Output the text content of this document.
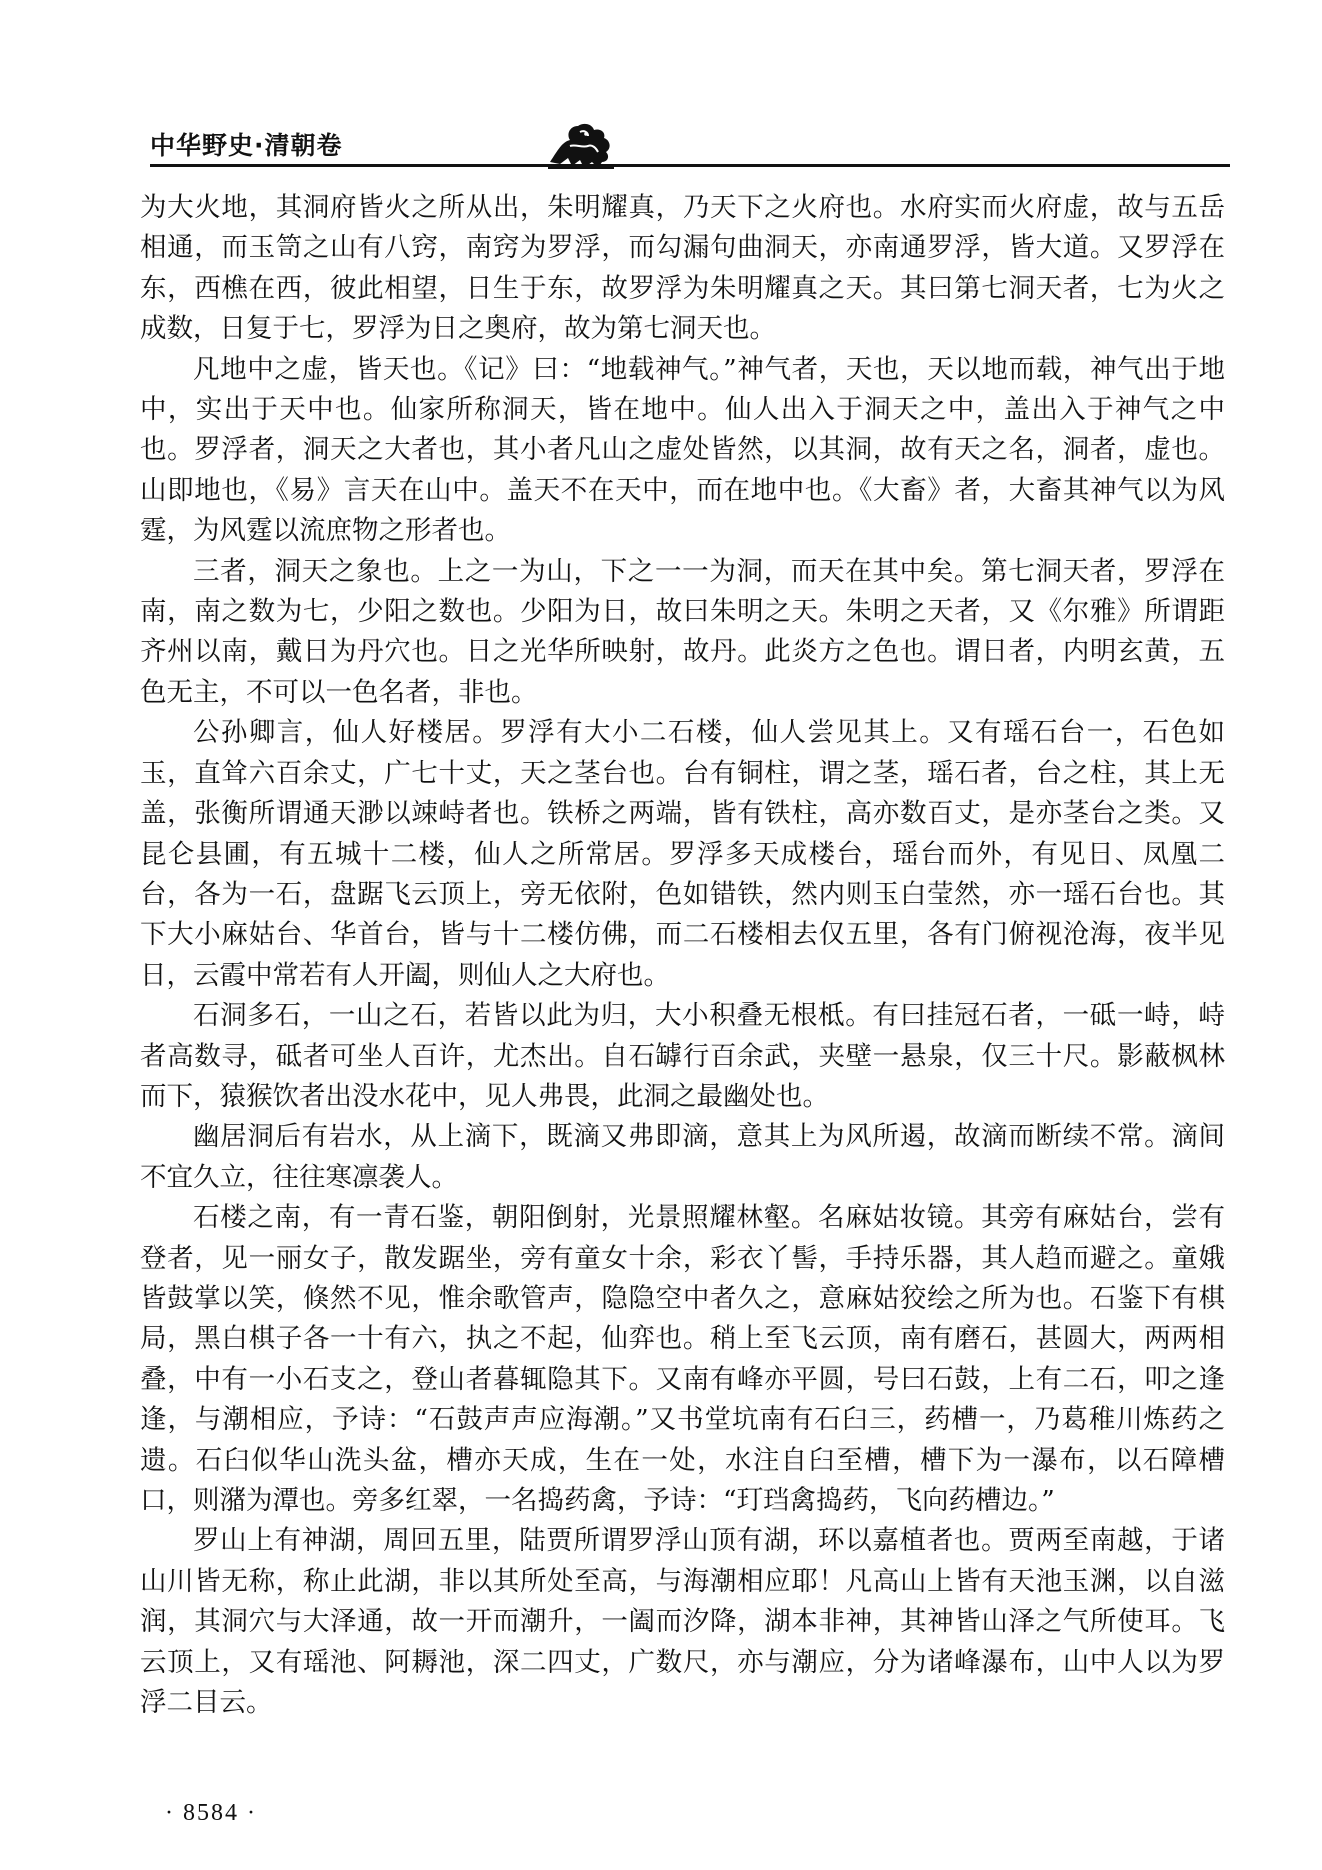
中华野史·清朝卷

为大火地，其洞府皆火之所从出，朱明耀真，乃天下之火府也。水府实而火府虚，故与五岳相通，而玉笥之山有八窍，南窍为罗浮，而勾漏句曲洞天，亦南通罗浮，皆大道。又罗浮在东，西樵在西，彼此相望，日生于东，故罗浮为朱明耀真之天。其曰第七洞天者，七为火之成数，日复于七，罗浮为日之奥府，故为第七洞天也。

凡地中之虚，皆天也。《记》曰：“地载神气。”神气者，天也，天以地而载，神气出于地中，实出于天中也。仙家所称洞天，皆在地中。仙人出入于洞天之中，盖出入于神气之中也。罗浮者，洞天之大者也，其小者凡山之虚处皆然，以其洞，故有天之名，洞者，虚也。山即地也，《易》言天在山中。盖天不在天中，而在地中也。《大畜》者，大畜其神气以为风霆，为风霆以流庶物之形者也。

三者，洞天之象也。上之一为山，下之一一为洞，而天在其中矣。第七洞天者，罗浮在南，南之数为七，少阳之数也。少阳为日，故曰朱明之天。朱明之天者，又《尔雅》所谓距齐州以南，戴日为丹穴也。日之光华所映射，故丹。此炎方之色也。谓日者，内明玄黄，五色无主，不可以一色名者，非也。

公孙卿言，仙人好楼居。罗浮有大小二石楼，仙人尝见其上。又有瑶石台一，石色如玉，直耸六百余丈，广七十丈，天之茎台也。台有铜柱，谓之茎，瑶石者，台之柱，其上无盖，张衡所谓通天渺以竦峙者也。铁桥之两端，皆有铁柱，高亦数百丈，是亦茎台之类。又昆仑县圃，有五城十二楼，仙人之所常居。罗浮多天成楼台，瑶台而外，有见日、凤凰二台，各为一石，盘踞飞云顶上，旁无依附，色如错铁，然内则玉白莹然，亦一瑶石台也。其下大小麻姑台、华首台，皆与十二楼仿佛，而二石楼相去仅五里，各有门俯视沧海，夜半见日，云霞中常若有人开阖，则仙人之大府也。

石洞多石，一山之石，若皆以此为归，大小积叠无根柢。有曰挂冠石者，一砥一峙，峙者高数寻，砥者可坐人百许，尤杰出。自石罅行百余武，夹壁一悬泉，仅三十尺。影蔽枫林而下，猿猴饮者出没水花中，见人弗畏，此洞之最幽处也。

幽居洞后有岩水，从上滴下，既滴又弗即滴，意其上为风所遏，故滴而断续不常。滴间不宜久立，往往寒凛袭人。

石楼之南，有一青石鉴，朝阳倒射，光景照耀林壑。名麻姑妆镜。其旁有麻姑台，尝有登者，见一丽女子，散发踞坐，旁有童女十余，彩衣丫髻，手持乐器，其人趋而避之。童娥皆鼓掌以笑，倏然不见，惟余歌管声，隐隐空中者久之，意麻姑狡绘之所为也。石鉴下有棋局，黑白棋子各一十有六，执之不起，仙弈也。稍上至飞云顶，南有磨石，甚圆大，两两相叠，中有一小石支之，登山者暮辄隐其下。又南有峰亦平圆，号曰石鼓，上有二石，叩之逢逢，与潮相应，予诗：“石鼓声声应海潮。”又书堂坑南有石臼三，药槽一，乃葛稚川炼药之遗。石臼似华山洗头盆，槽亦天成，生在一处，水注自臼至槽，槽下为一瀑布，以石障槽口，则潴为潭也。旁多红翠，一名捣药禽，予诗：“玎珰禽捣药，飞向药槽边。”

罗山上有神湖，周回五里，陆贾所谓罗浮山顶有湖，环以嘉植者也。贾两至南越，于诸山川皆无称，称止此湖，非以其所处至高，与海潮相应耶！凡高山上皆有天池玉渊，以自滋润，其洞穴与大泽通，故一开而潮升，一阖而汐降，湖本非神，其神皆山泽之气所使耳。飞云顶上，又有瑶池、阿耨池，深二四丈，广数尺，亦与潮应，分为诸峰瀑布，山中人以为罗浮二目云。

· 8584 ·
